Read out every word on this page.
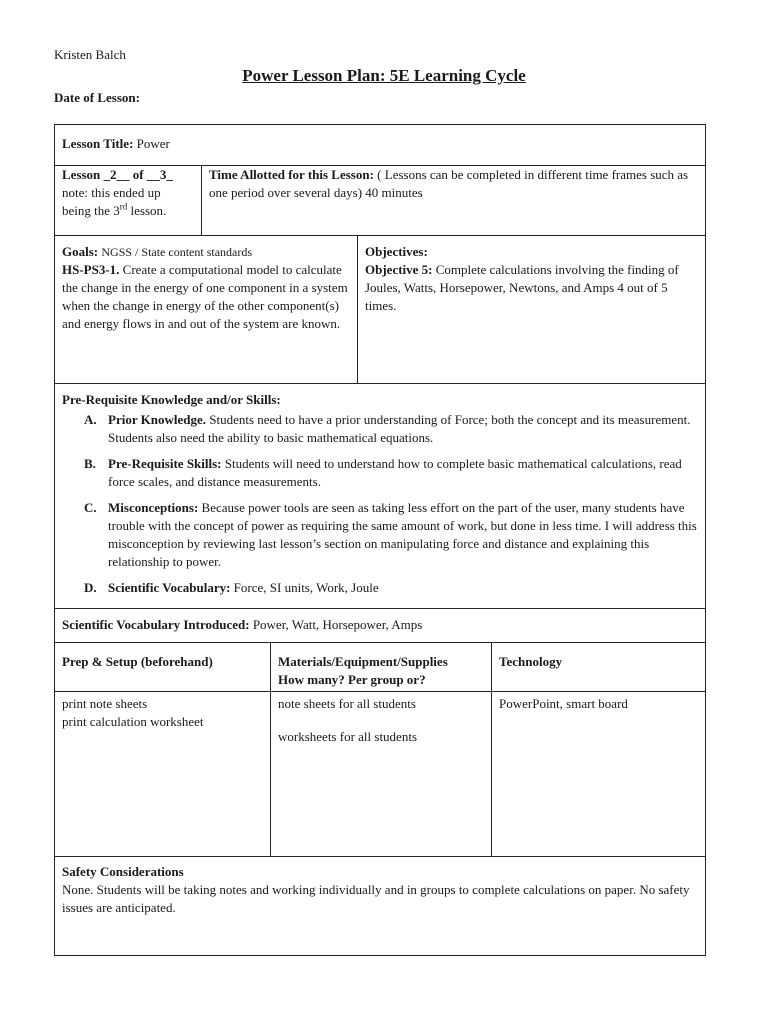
Kristen Balch
Power Lesson Plan: 5E Learning Cycle
Date of Lesson:
Lesson Title: Power
Lesson _2__ of __3_
note: this ended up
being the 3rd lesson.
Time Allotted for this Lesson: ( Lessons can be completed in different time frames such as one period over several days) 40 minutes
Goals: NGSS / State content standards
HS-PS3-1. Create a computational model to calculate the change in the energy of one component in a system when the change in energy of the other component(s) and energy flows in and out of the system are known.
Objectives:
Objective 5: Complete calculations involving the finding of Joules, Watts, Horsepower, Newtons, and Amps 4 out of 5 times.
Pre-Requisite Knowledge and/or Skills:
A. Prior Knowledge. Students need to have a prior understanding of Force; both the concept and its measurement. Students also need the ability to basic mathematical equations.
B. Pre-Requisite Skills: Students will need to understand how to complete basic mathematical calculations, read force scales, and distance measurements.
C. Misconceptions: Because power tools are seen as taking less effort on the part of the user, many students have trouble with the concept of power as requiring the same amount of work, but done in less time. I will address this misconception by reviewing last lesson’s section on manipulating force and distance and explaining this relationship to power.
D. Scientific Vocabulary: Force, SI units, Work, Joule
Scientific Vocabulary Introduced: Power, Watt, Horsepower, Amps
Prep & Setup (beforehand)	Materials/Equipment/Supplies
How many? Per group or?
Technology
print note sheets
print calculation worksheet
note sheets for all students
worksheets for all students
PowerPoint, smart board
Safety Considerations
None. Students will be taking notes and working individually and in groups to complete calculations on paper. No safety issues are anticipated.
